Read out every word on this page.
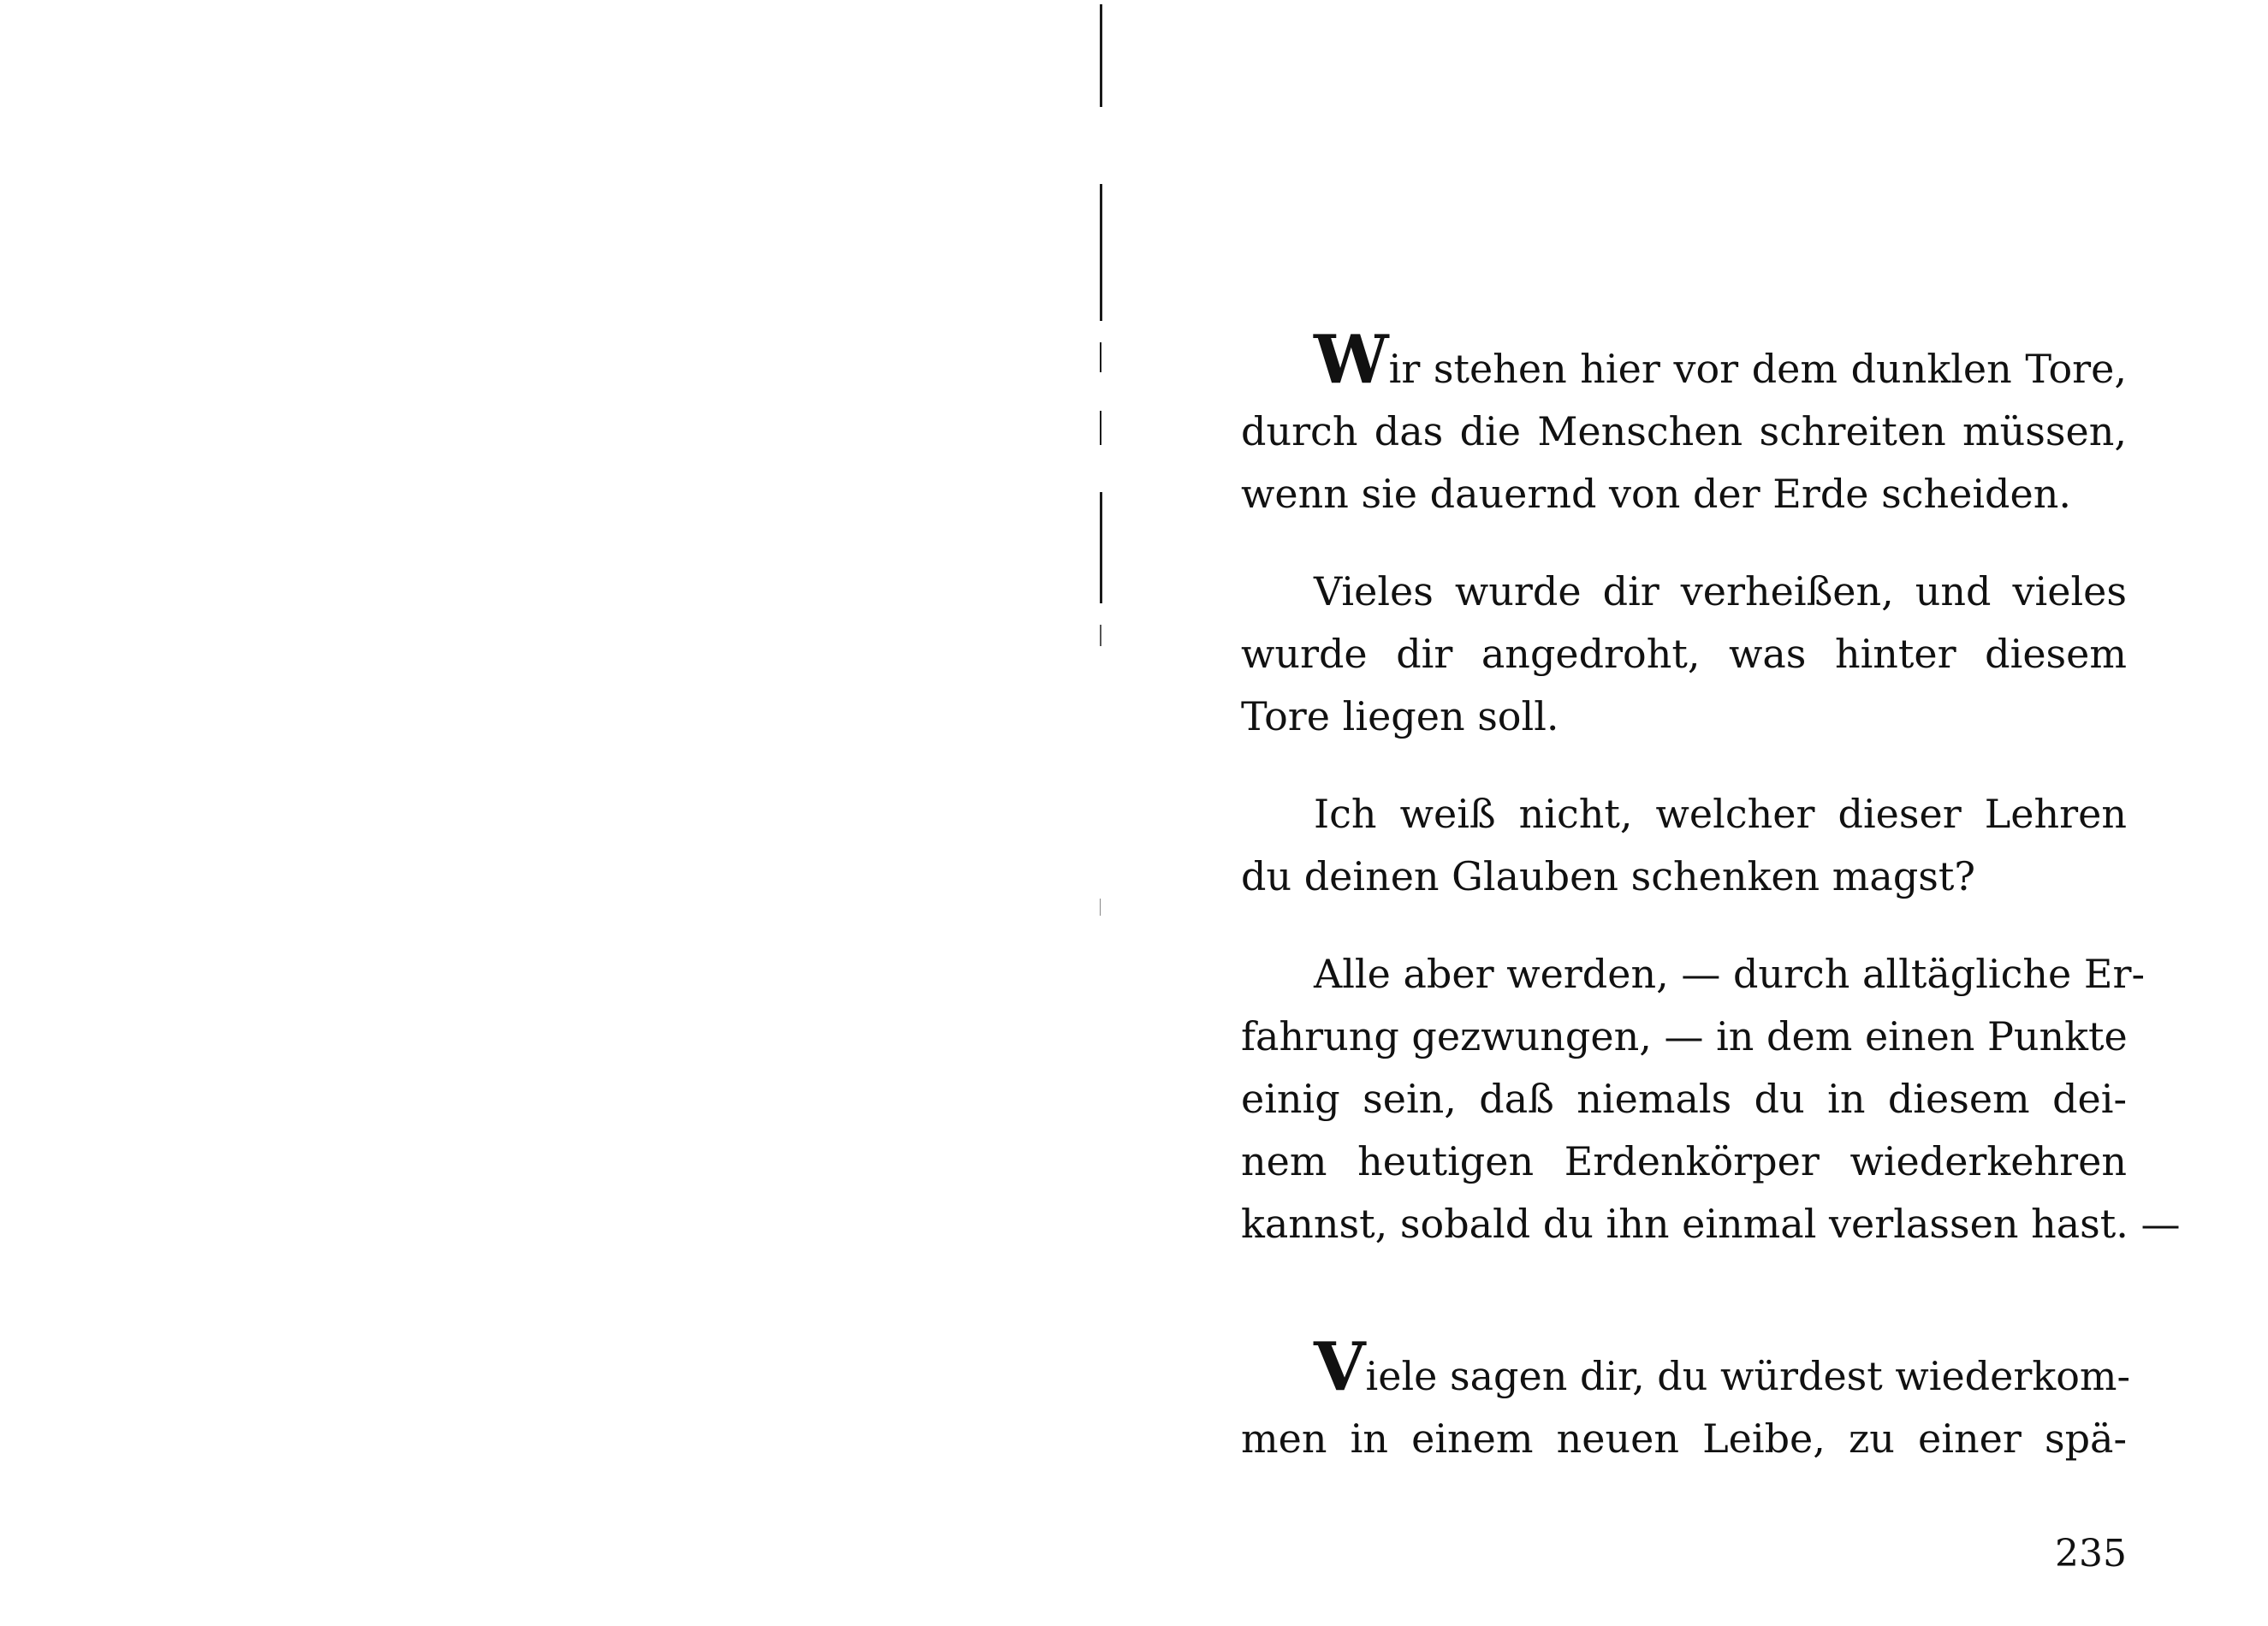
Wir stehen hier vor dem dunklen Tore,
durch das die Menschen schreiten müssen,
wenn sie dauernd von der Erde scheiden.

Vieles wurde dir verheißen, und vieles
wurde dir angedroht, was hinter diesem
Tore liegen soll.

Ich weiß nicht, welcher dieser Lehren
du deinen Glauben schenken magst?

Alle aber werden, — durch alltägliche Er-
fahrung gezwungen, — in dem einen Punkte
einig sein, daß niemals du in diesem dei-
nem heutigen Erdenkörper wiederkehren
kannst, sobald du ihn einmal verlassen hast. —

Viele sagen dir, du würdest wiederkom-
men in einem neuen Leibe, zu einer spä-

235
